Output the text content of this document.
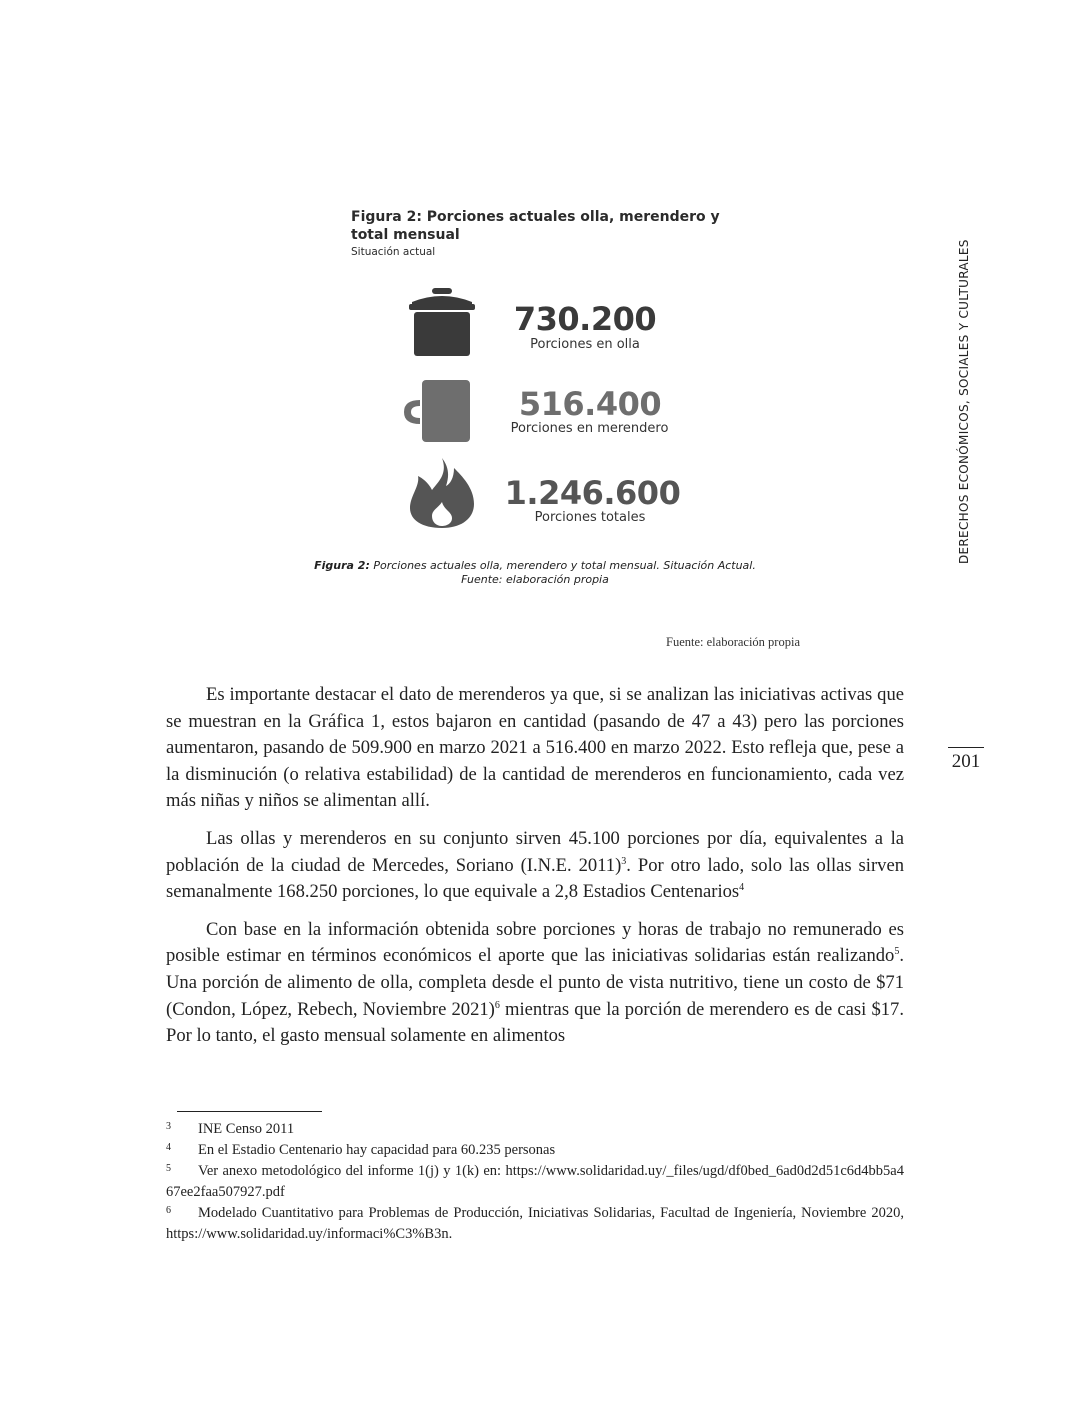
Figura 2: Porciones actuales olla, merendero y total mensual
Situación actual
730.200
Porciones en olla
516.400
Porciones en merendero
1.246.600
Porciones totales
Figura 2: Porciones actuales olla, merendero y total mensual. Situación Actual.
Fuente: elaboración propia
Fuente: elaboración propia
DERECHOS ECONÓMICOS, SOCIALES Y CULTURALES
201

Es importante destacar el dato de merenderos ya que, si se analizan las iniciativas activas que se muestran en la Gráfica 1, estos bajaron en cantidad (pasando de 47 a 43) pero las porciones aumentaron, pasando de 509.900 en marzo 2021 a 516.400 en marzo 2022. Esto refleja que, pese a la disminución (o relativa estabilidad) de la cantidad de merenderos en funcionamiento, cada vez más niñas y niños se alimentan allí.

Las ollas y merenderos en su conjunto sirven 45.100 porciones por día, equivalentes a la población de la ciudad de Mercedes, Soriano (I.N.E. 2011)$^3$. Por otro lado, solo las ollas sirven semanalmente 168.250 porciones, lo que equivale a 2,8 Estadios Centenarios$^4$

Con base en la información obtenida sobre porciones y horas de trabajo no remunerado es posible estimar en términos económicos el aporte que las iniciativas solidarias están realizando$^5$. Una porción de alimento de olla, completa desde el punto de vista nutritivo, tiene un costo de $71 (Condon, López, Rebech, Noviembre 2021)$^6$ mientras que la porción de merendero es de casi $17. Por lo tanto, el gasto mensual solamente en alimentos

3 INE Censo 2011
4 En el Estadio Centenario hay capacidad para 60.235 personas
5 Ver anexo metodológico del informe 1(j) y 1(k) en: https://www.solidaridad.uy/_files/ugd/df0bed_6ad0d2d51c6d4bb5a467ee2faa507927.pdf
6 Modelado Cuantitativo para Problemas de Producción, Iniciativas Solidarias, Facultad de Ingeniería, Noviembre 2020, https://www.solidaridad.uy/informaci%C3%B3n.
